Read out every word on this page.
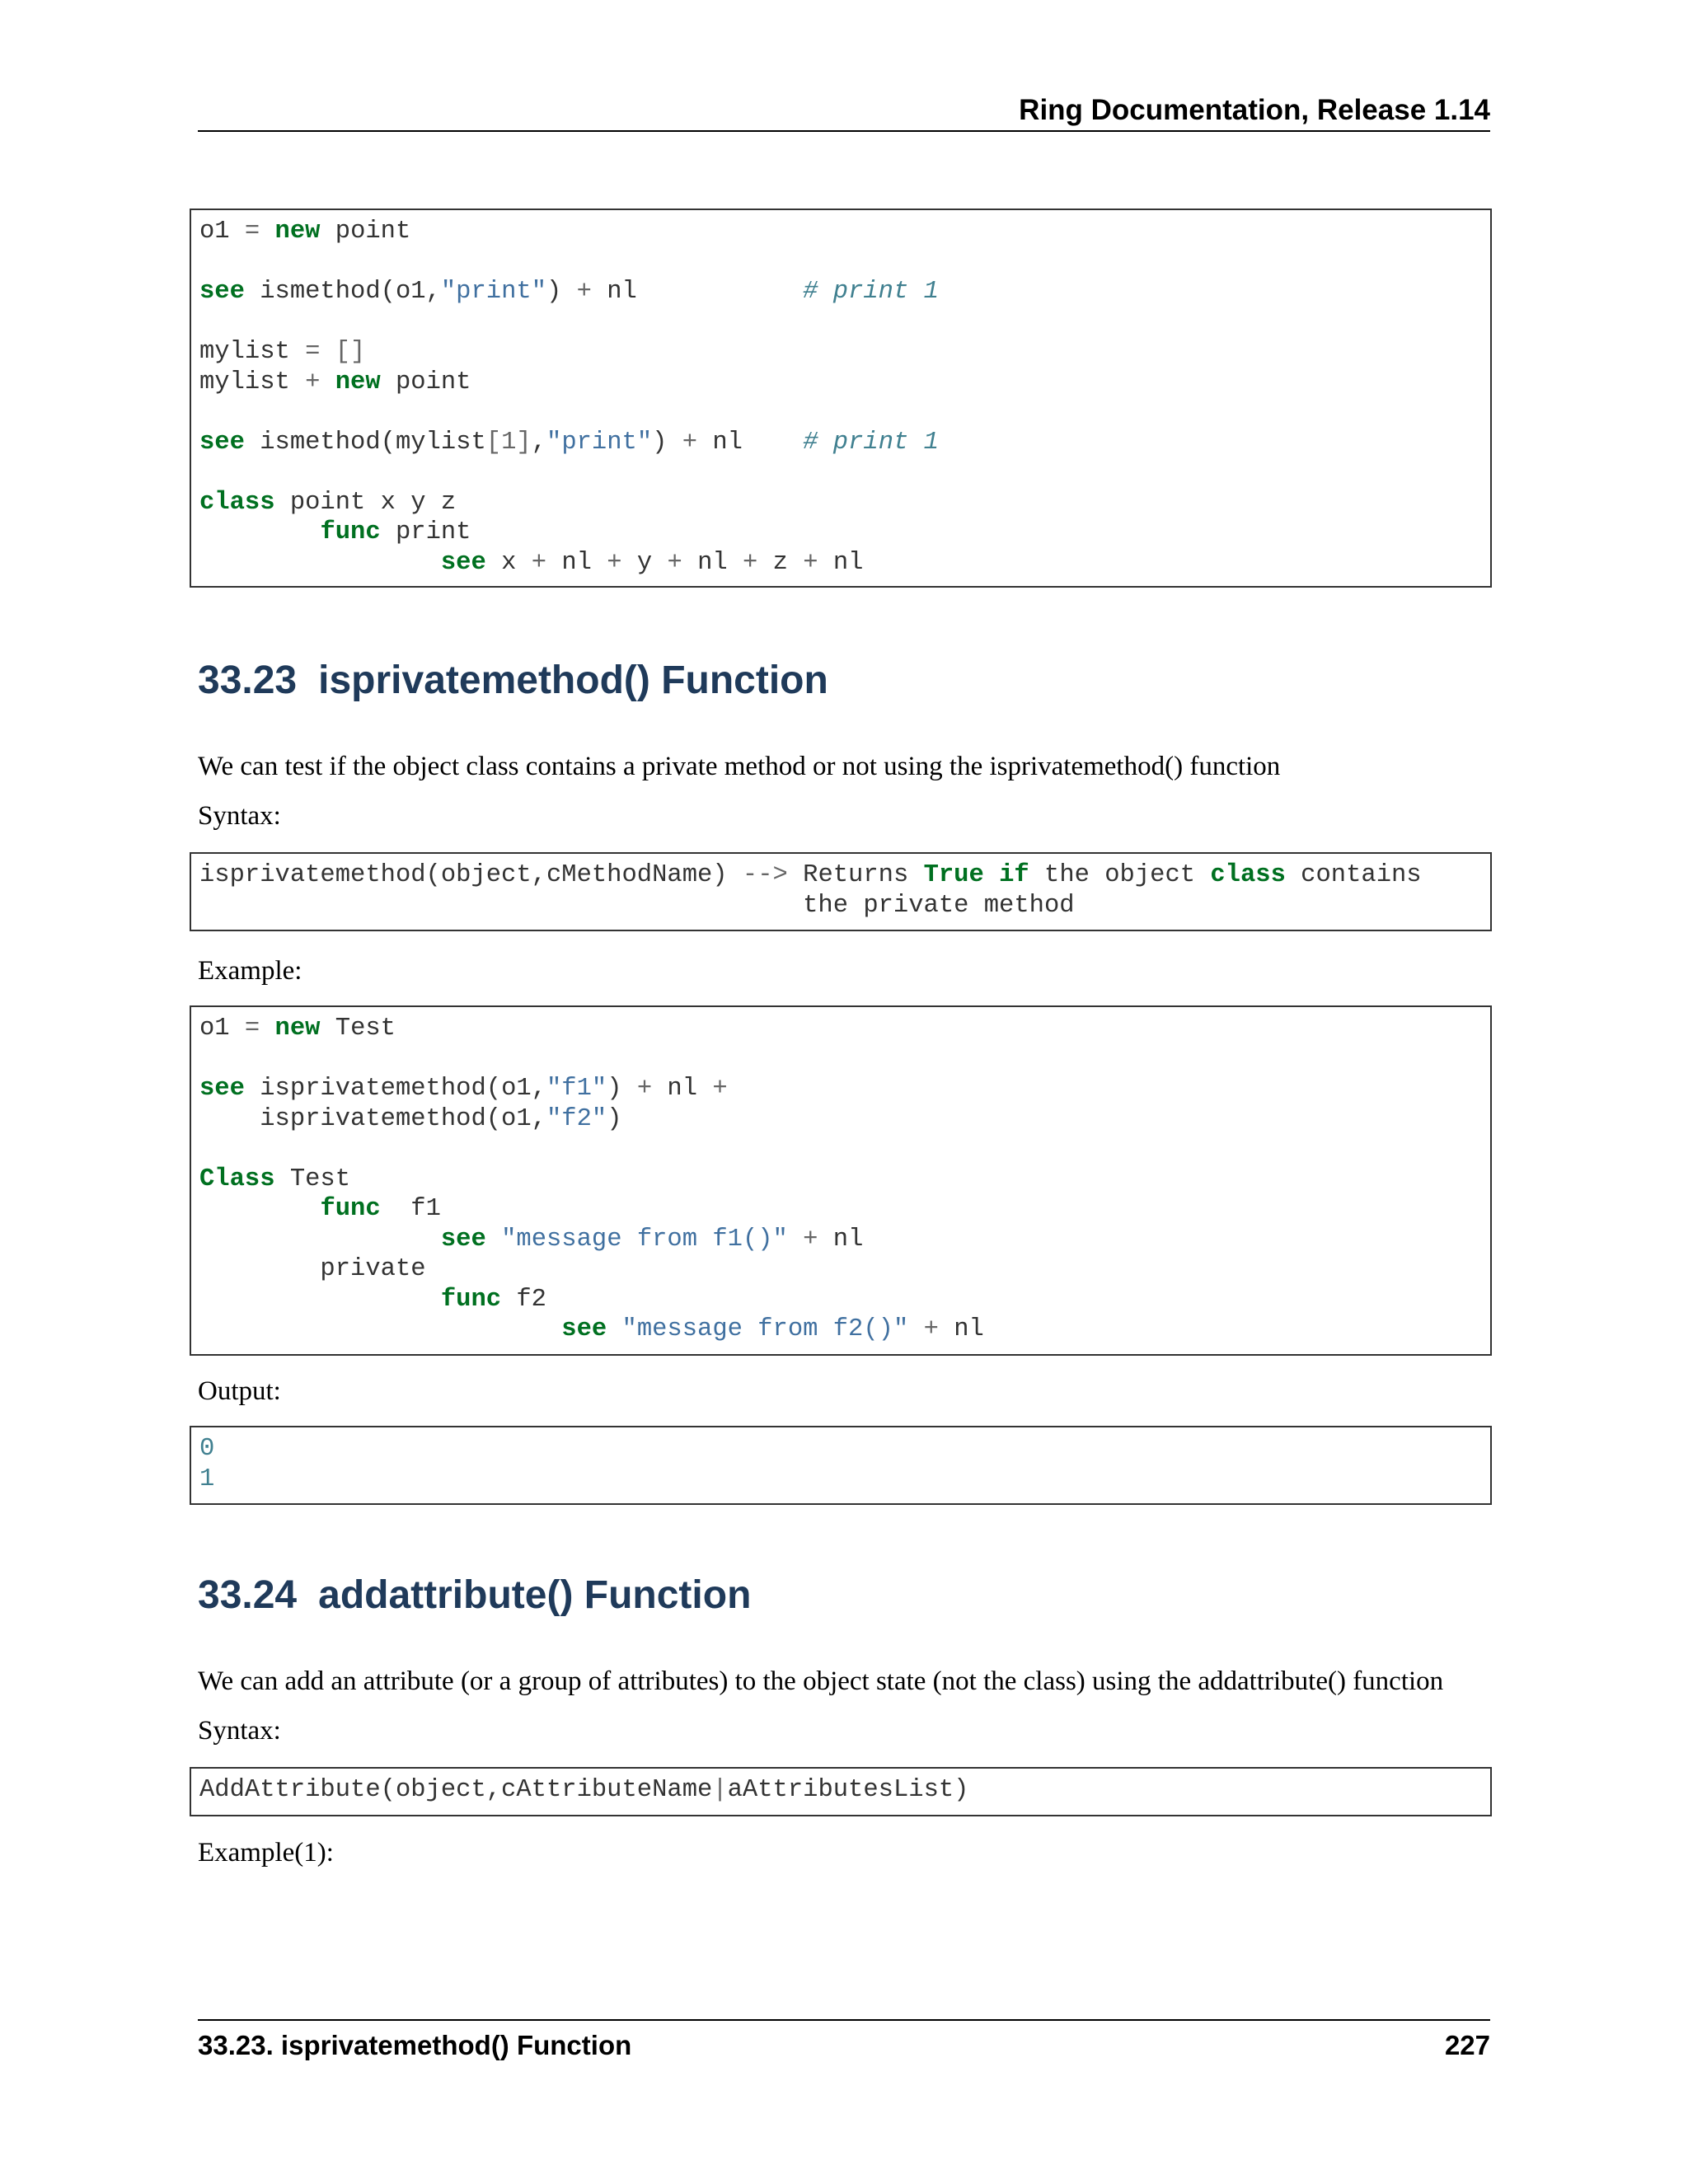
Ring Documentation, Release 1.14
o1 = new point

see ismethod(o1,"print") + nl           # print 1

mylist = []
mylist + new point

see ismethod(mylist[1],"print") + nl    # print 1

class point x y z
func print
see x + nl + y + nl + z + nl
33.23 isprivatemethod() Function

We can test if the object class contains a private method or not using the isprivatemethod() function

Syntax:

isprivatemethod(object,cMethodName) --> Returns True if the object class contains
the private method

Example:

o1 = new Test

see isprivatemethod(o1,"f1") + nl +
isprivatemethod(o1,"f2")

Class Test
func  f1
see "message from f1()" + nl
private
func f2
see "message from f2()" + nl

Output:

0
1
33.24 addattribute() Function

We can add an attribute (or a group of attributes) to the object state (not the class) using the addattribute() function

Syntax:

AddAttribute(object,cAttributeName|aAttributesList)

Example(1):

33.23. isprivatemethod() Function	227
